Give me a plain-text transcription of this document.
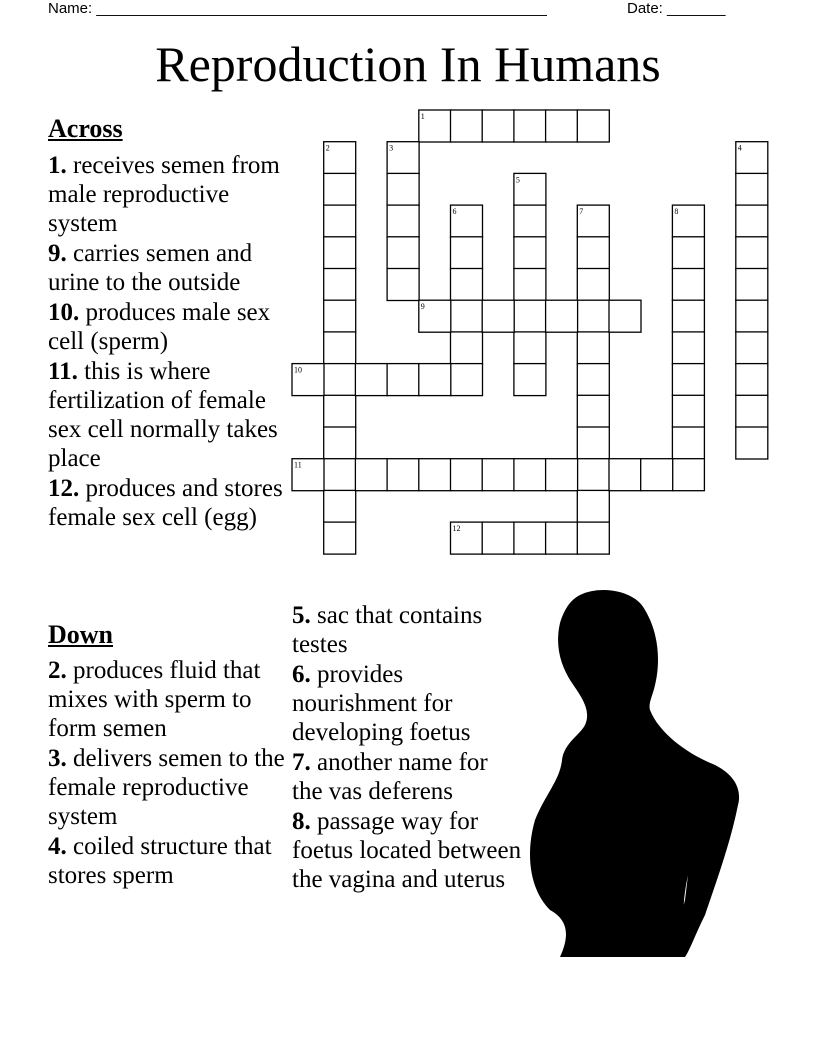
Name: ______________________________________________________	Date: _______
Reproduction In Humans
1
2	3	4
5
6	7	8
9
10
11
12
Across
1. receives semen from male reproductive system
9. carries semen and urine to the outside
10. produces male sex cell (sperm)
11. this is where fertilization of female sex cell normally takes place
12. produces and stores female sex cell (egg)
Down
2. produces fluid that mixes with sperm to form semen
3. delivers semen to the female reproductive system
4. coiled structure that stores sperm
5. sac that contains testes
6. provides nourishment for developing foetus
7. another name for the vas deferens
8. passage way for foetus located between the vagina and uterus
